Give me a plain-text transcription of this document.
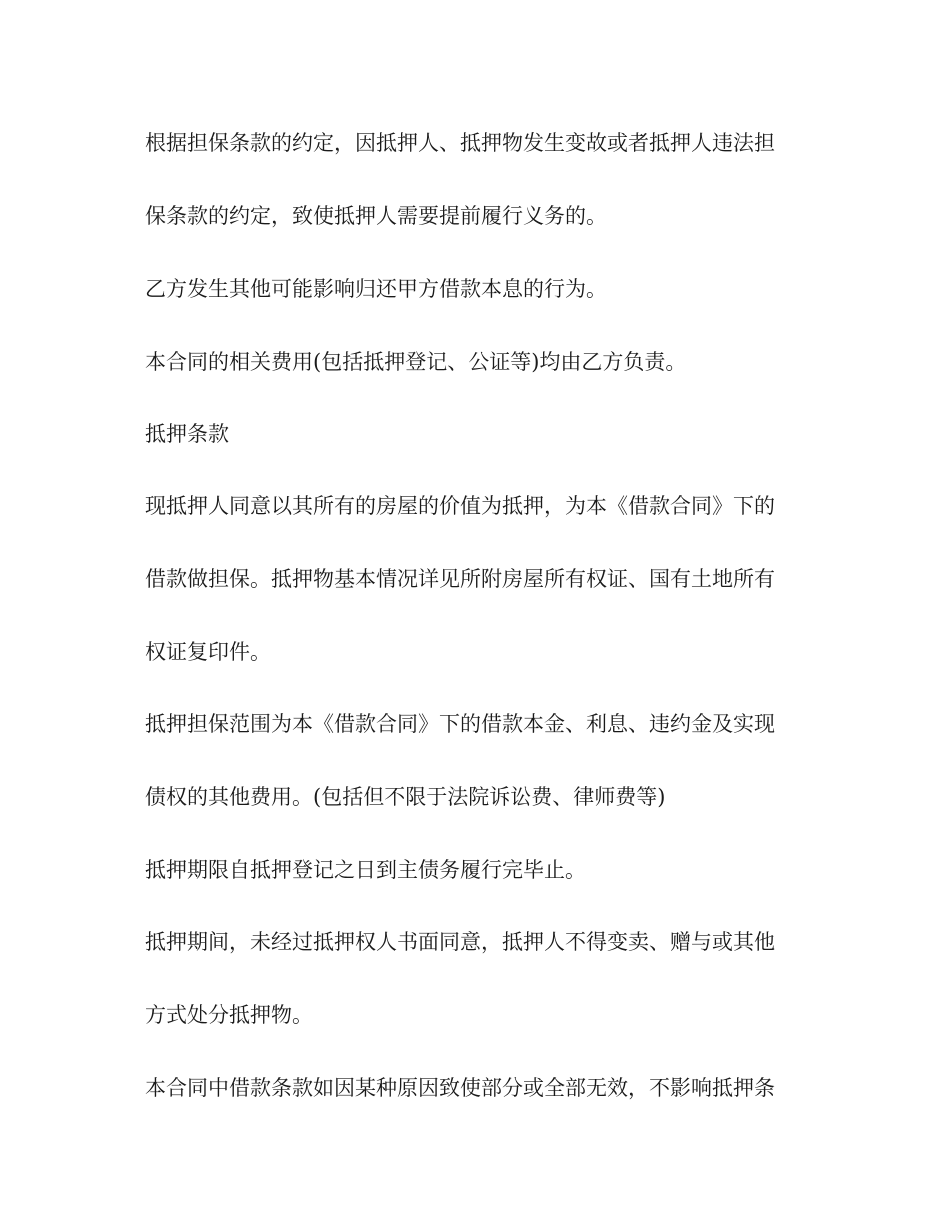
根据担保条款的约定，因抵押人、抵押物发生变故或者抵押人违法担
保条款的约定，致使抵押人需要提前履行义务的。
乙方发生其他可能影响归还甲方借款本息的行为。
本合同的相关费用(包括抵押登记、公证等)均由乙方负责。
抵押条款
现抵押人同意以其所有的房屋的价值为抵押，为本《借款合同》下的
借款做担保。抵押物基本情况详见所附房屋所有权证、国有土地所有
权证复印件。
抵押担保范围为本《借款合同》下的借款本金、利息、违约金及实现
债权的其他费用。(包括但不限于法院诉讼费、律师费等)
抵押期限自抵押登记之日到主债务履行完毕止。
抵押期间，未经过抵押权人书面同意，抵押人不得变卖、赠与或其他
方式处分抵押物。
本合同中借款条款如因某种原因致使部分或全部无效，不影响抵押条
